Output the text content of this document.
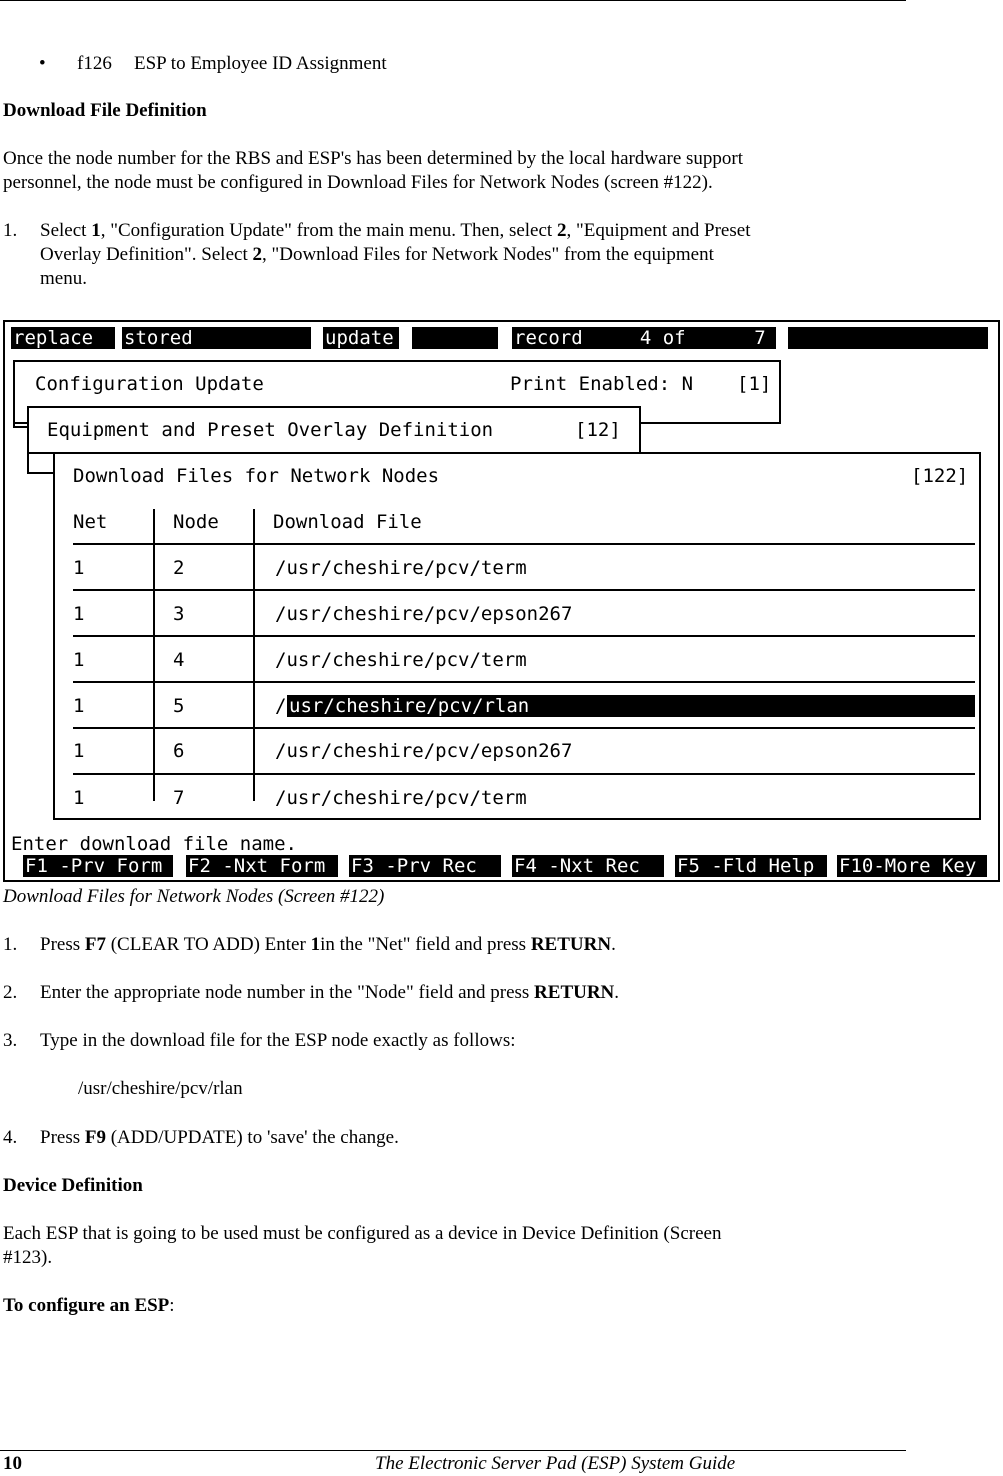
• f126 ESP to Employee ID Assignment

Download File Definition

Once the node number for the RBS and ESP's has been determined by the local hardware support

personnel, the node must be configured in Download Files for Network Nodes (screen #122).

1. Select 1, "Configuration Update" from the main menu. Then, select 2, "Equipment and Preset

Overlay Definition". Select 2, "Download Files for Network Nodes" from the equipment

menu.

replace	stored	update	record     4 of      7
Configuration Update	Print Enabled: N [1]
Equipment and Preset Overlay Definition	[12]
Download Files for Network Nodes	[122]
Net	Node	Download File
1	2	/usr/cheshire/pcv/term
1	3	/usr/cheshire/pcv/epson267
1	4	/usr/cheshire/pcv/term
1	5	/ usr/cheshire/pcv/rlan
1	6	/usr/cheshire/pcv/epson267
1	7	/usr/cheshire/pcv/term
Enter download file name.
F1 -Prv Form	F2 -Nxt Form	F3 -Prv Rec	F4 -Nxt Rec	F5 -Fld Help	F10-More Key

Download Files for Network Nodes (Screen #122)

1. Press F7 (CLEAR TO ADD) Enter 1in the "Net" field and press RETURN.

2. Enter the appropriate node number in the "Node" field and press RETURN.

3. Type in the download file for the ESP node exactly as follows:

/usr/cheshire/pcv/rlan

4. Press F9 (ADD/UPDATE) to 'save' the change.

Device Definition

Each ESP that is going to be used must be configured as a device in Device Definition (Screen

#123).

To configure an ESP:

10	The Electronic Server Pad (ESP) System Guide
